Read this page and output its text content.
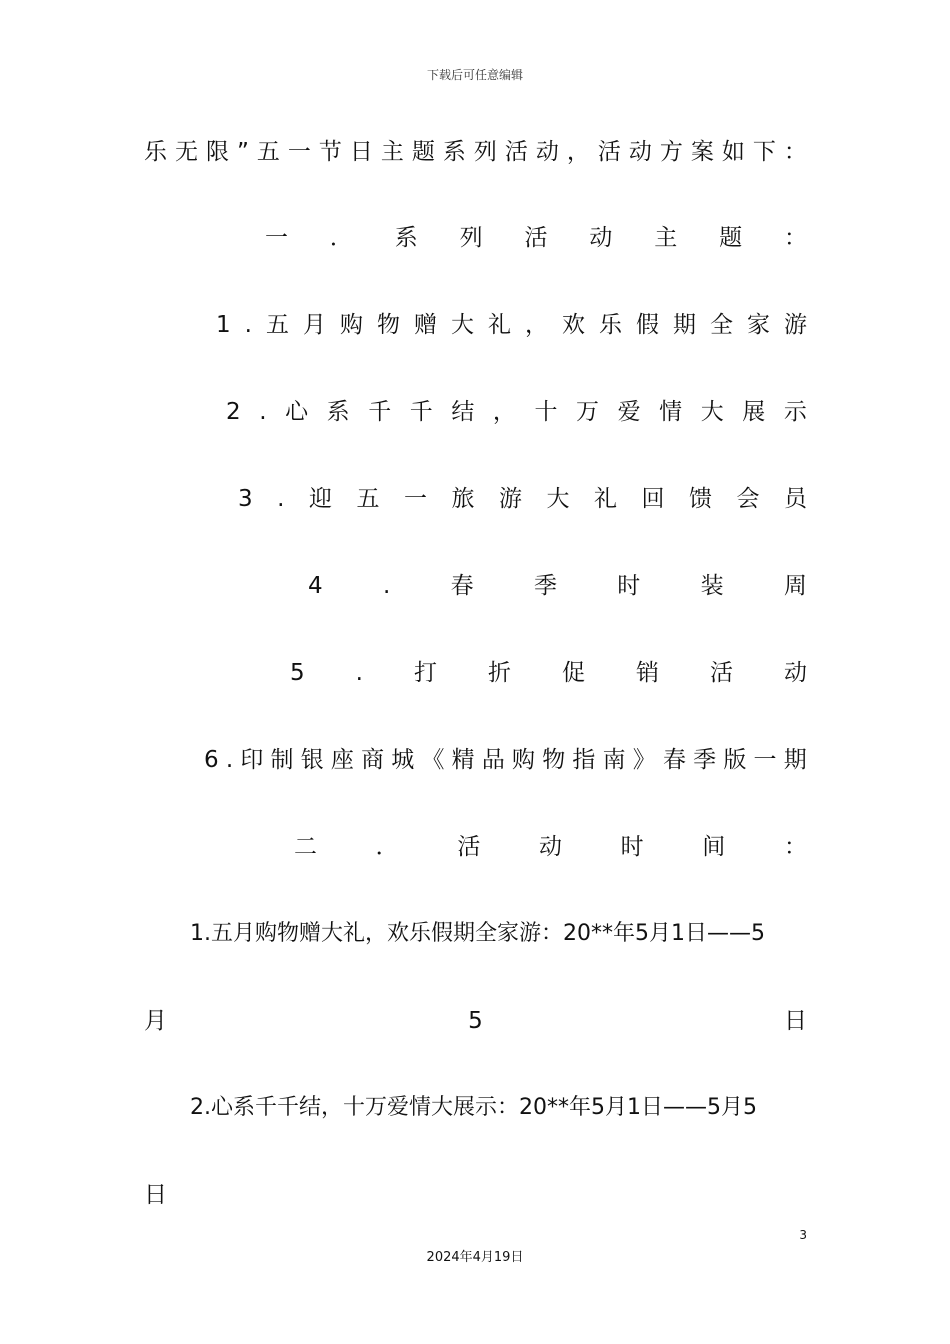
下载后可任意编辑
乐 无 限 ” 五 一 节 日 主 题 系 列 活 动 ， 活 动 方 案 如 下 ：
一 ． 系 列 活 动 主 题 ：
1 . 五 月 购 物 赠 大 礼 ， 欢 乐 假 期 全 家 游
2 . 心 系 千 千 结 ， 十 万 爱 情 大 展 示
3 . 迎 五 一 旅 游 大 礼 回 馈 会 员
4	.	春	季	时	装	周
5 . 打 折 促 销 活 动
6 . 印 制 银 座 商 城 《 精 品 购 物 指 南 》 春 季 版 一 期
二	．	活	动	时	间	：
1.五月购物赠大礼，欢乐假期全家游：20**年5月1日——5
月	5	日
2.心系千千结，十万爱情大展示：20**年5月1日——5月5
日
3
2024年4月19日
